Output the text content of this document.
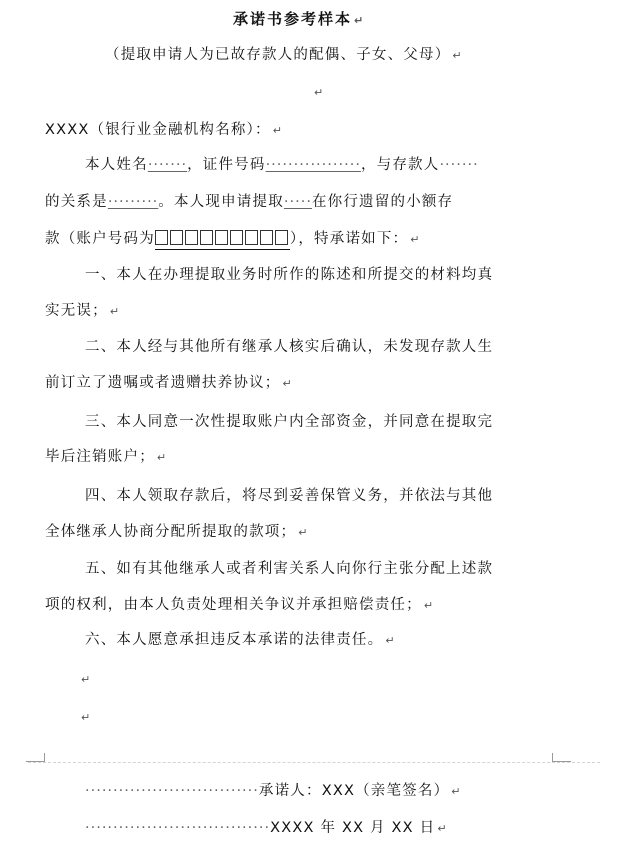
承诺书参考样本 ↵
（提取申请人为已故存款人的配偶、子女、父母） ↵
↵
XXXX（银行业金融机构名称）： ↵
本人姓名·······，证件号码·················，与存款人·······
的关系是·········。本人现申请提取·····在你行遗留的小额存
款（账户号码为	），特承诺如下： ↵
一、本人在办理提取业务时所作的陈述和所提交的材料均真
实无误； ↵
二、本人经与其他所有继承人核实后确认，未发现存款人生
前订立了遗嘱或者遗赠扶养协议； ↵
三、本人同意一次性提取账户内全部资金，并同意在提取完
毕后注销账户； ↵
四、本人领取存款后，将尽到妥善保管义务，并依法与其他
全体继承人协商分配所提取的款项； ↵
五、如有其他继承人或者利害关系人向你行主张分配上述款
项的权利，由本人负责处理相关争议并承担赔偿责任； ↵
六、本人愿意承担违反本承诺的法律责任。 ↵
↵
↵
·······························承诺人：XXX（亲笔签名） ↵
·································XXXX 年 XX 月 XX 日 ↵
